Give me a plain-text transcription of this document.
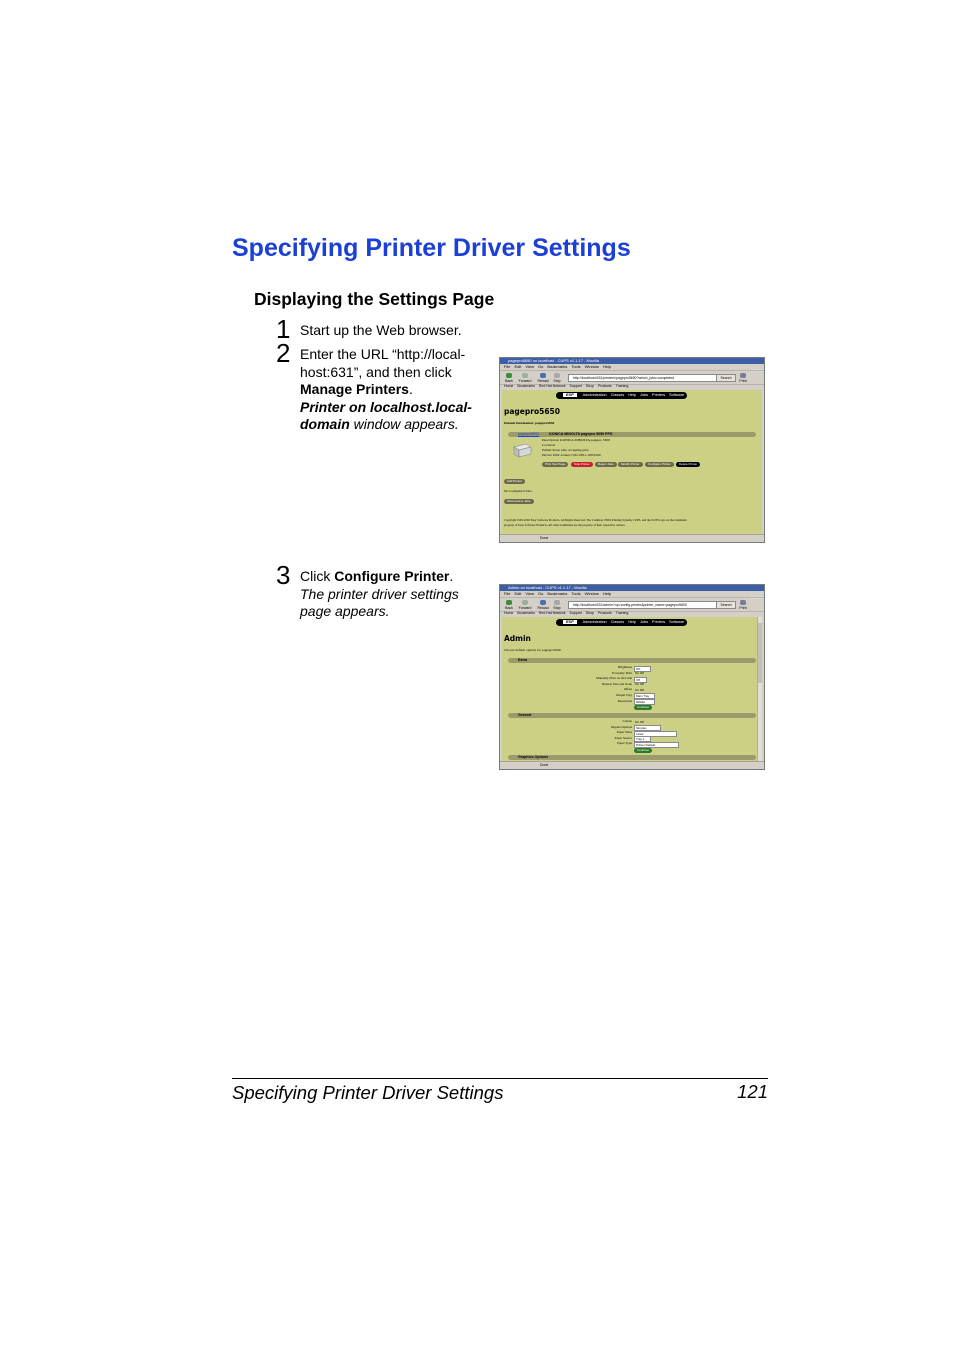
Specifying Printer Driver Settings
Displaying the Settings Page
1 Start up the Web browser.
2 Enter the URL “http://local-host:631”, and then click Manage Printers.
Printer on localhost.local-domain window appears.
3 Click Configure Printer.
The printer driver settings page appears.
pagepro5650 on localhost - CUPS v1.1.17 - Mozilla
File Edit View Go Bookmarks Tools Window Help
Back	Forward	Reload	Stop
http://localhost:631/printers/pagepro5650?which_jobs=completed	Search
Print
Home Bookmarks Red Hat Network Support Shop Products Training
ESP Administration Classes Help Jobs Printers Software
pagepro5650
Default Destination: pagepro5650
pagepro5650	KONICA MINOLTA pagepro 5650 PPD
Description: KONICA MINOLTA pagepro 5650
Location:
Printer State: idle, accepting jobs.
Device URI: socket://192.168.1.100:9100
Print Test Page	Stop Printer	Reject Jobs	Modify Printer	Configure Printer	Delete Printer
Add Printer
No Completed Jobs.
Show Active Jobs
Copyright 1993-2002 Easy Software Products, All Rights Reserved. The Common UNIX Printing System, CUPS, and the CUPS logo are the trademark
property of Easy Software Products. All other trademarks are the property of their respective owners.
Done
Admin on localhost - CUPS v1.1.17 - Mozilla
File Edit View Go Bookmarks Tools Window Help
Back	Forward	Reload	Stop
http://localhost:631/admin?op=config-printer&printer_name=pagepro5650	Search
Print
Home Bookmarks Red Hat Network Support Shop Products Training
ESP Administration Classes Help Jobs Printers Software
Admin
Choose default options for pagepro5650:
Extra
Brightness	0%
Economy Print	On Off
Manually Print on 2nd side	Off
Nearest Size and Scale	On Off
Offset	On Off
Output Tray	Main Tray
Resolution	600dpi
Continue
General
Collate	On Off
Duplex Options	Simplex
Paper Sizes	Letter
Paper Source	Tray 1
Paper Type	Printer Default
Continue
Graphics Options
Done
Specifying Printer Driver Settings	121
